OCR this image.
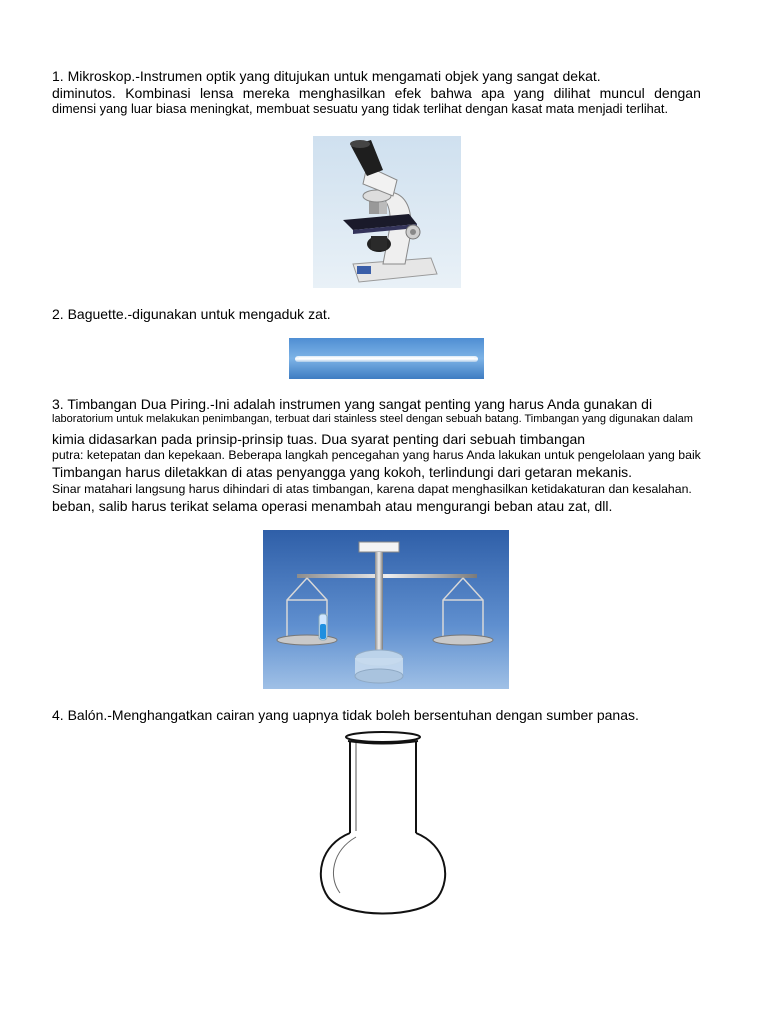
1. Mikroskop.-Instrumen optik yang ditujukan untuk mengamati objek yang sangat dekat.
diminutos. Kombinasi lensa mereka menghasilkan efek bahwa apa yang dilihat muncul dengan
dimensi yang luar biasa meningkat, membuat sesuatu yang tidak terlihat dengan kasat mata menjadi terlihat.
2. Baguette.-digunakan untuk mengaduk zat.
3. Timbangan Dua Piring.-Ini adalah instrumen yang sangat penting yang harus Anda gunakan di
laboratorium untuk melakukan penimbangan, terbuat dari stainless steel dengan sebuah batang. Timbangan yang digunakan dalam
kimia didasarkan pada prinsip-prinsip tuas. Dua syarat penting dari sebuah timbangan
putra: ketepatan dan kepekaan. Beberapa langkah pencegahan yang harus Anda lakukan untuk pengelolaan yang baik
Timbangan harus diletakkan di atas penyangga yang kokoh, terlindungi dari getaran mekanis.
Sinar matahari langsung harus dihindari di atas timbangan, karena dapat menghasilkan ketidakaturan dan kesalahan.
beban, salib harus terikat selama operasi menambah atau mengurangi beban atau zat, dll.
4. Balón.-Menghangatkan cairan yang uapnya tidak boleh bersentuhan dengan sumber panas.
